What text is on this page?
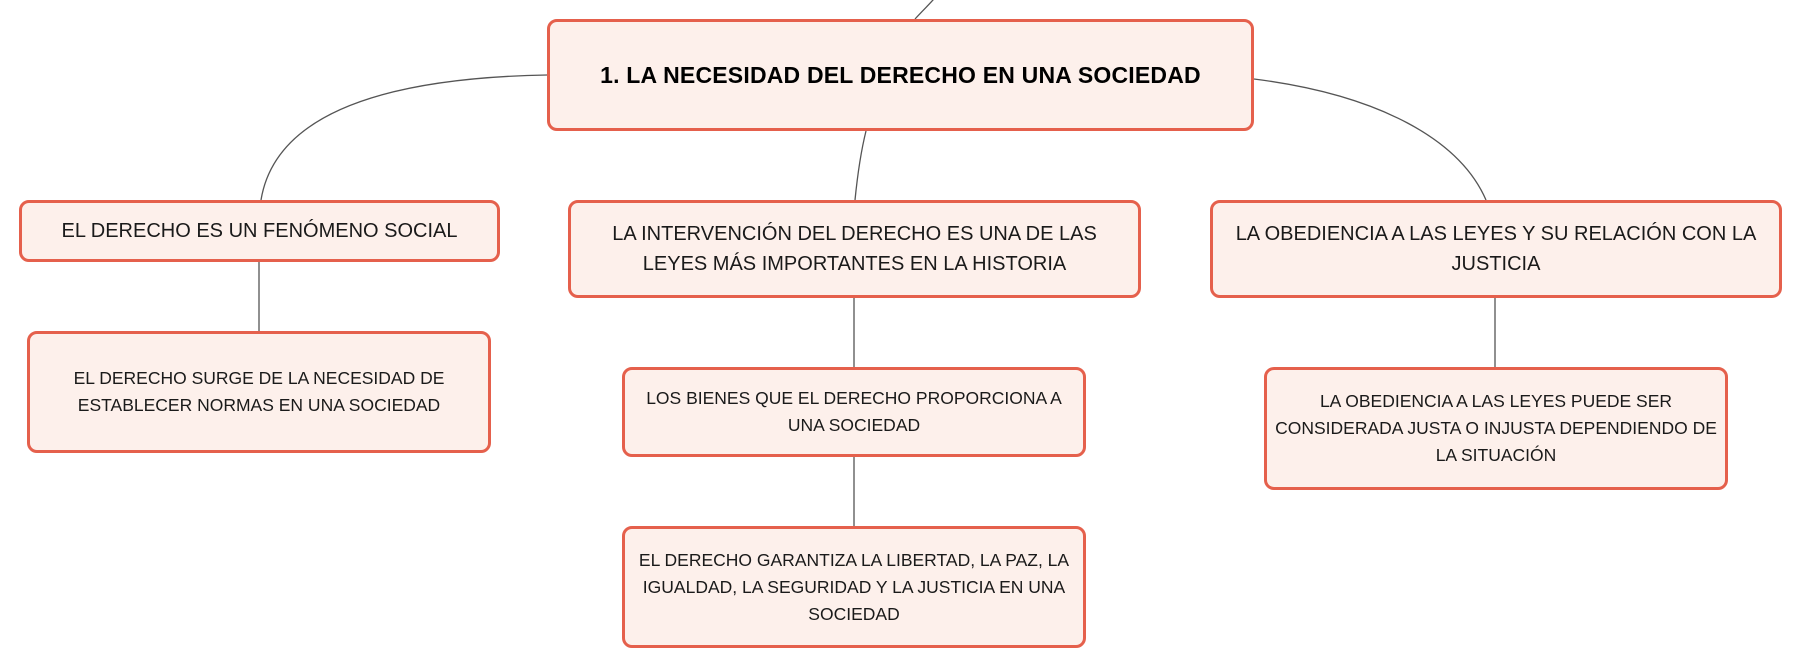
1. LA NECESIDAD DEL DERECHO EN UNA SOCIEDAD
EL DERECHO ES UN FENÓMENO SOCIAL	LA INTERVENCIÓN DEL DERECHO ES UNA DE LAS LEYES MÁS IMPORTANTES EN LA HISTORIA
LA OBEDIENCIA A LAS LEYES Y SU RELACIÓN CON LA JUSTICIA
EL DERECHO SURGE DE LA NECESIDAD DE ESTABLECER NORMAS EN UNA SOCIEDAD	LOS BIENES QUE EL DERECHO PROPORCIONA A UNA SOCIEDAD
EL DERECHO GARANTIZA LA LIBERTAD, LA PAZ, LA IGUALDAD, LA SEGURIDAD Y LA JUSTICIA EN UNA SOCIEDAD
LA OBEDIENCIA A LAS LEYES PUEDE SER CONSIDERADA JUSTA O INJUSTA DEPENDIENDO DE LA SITUACIÓN
